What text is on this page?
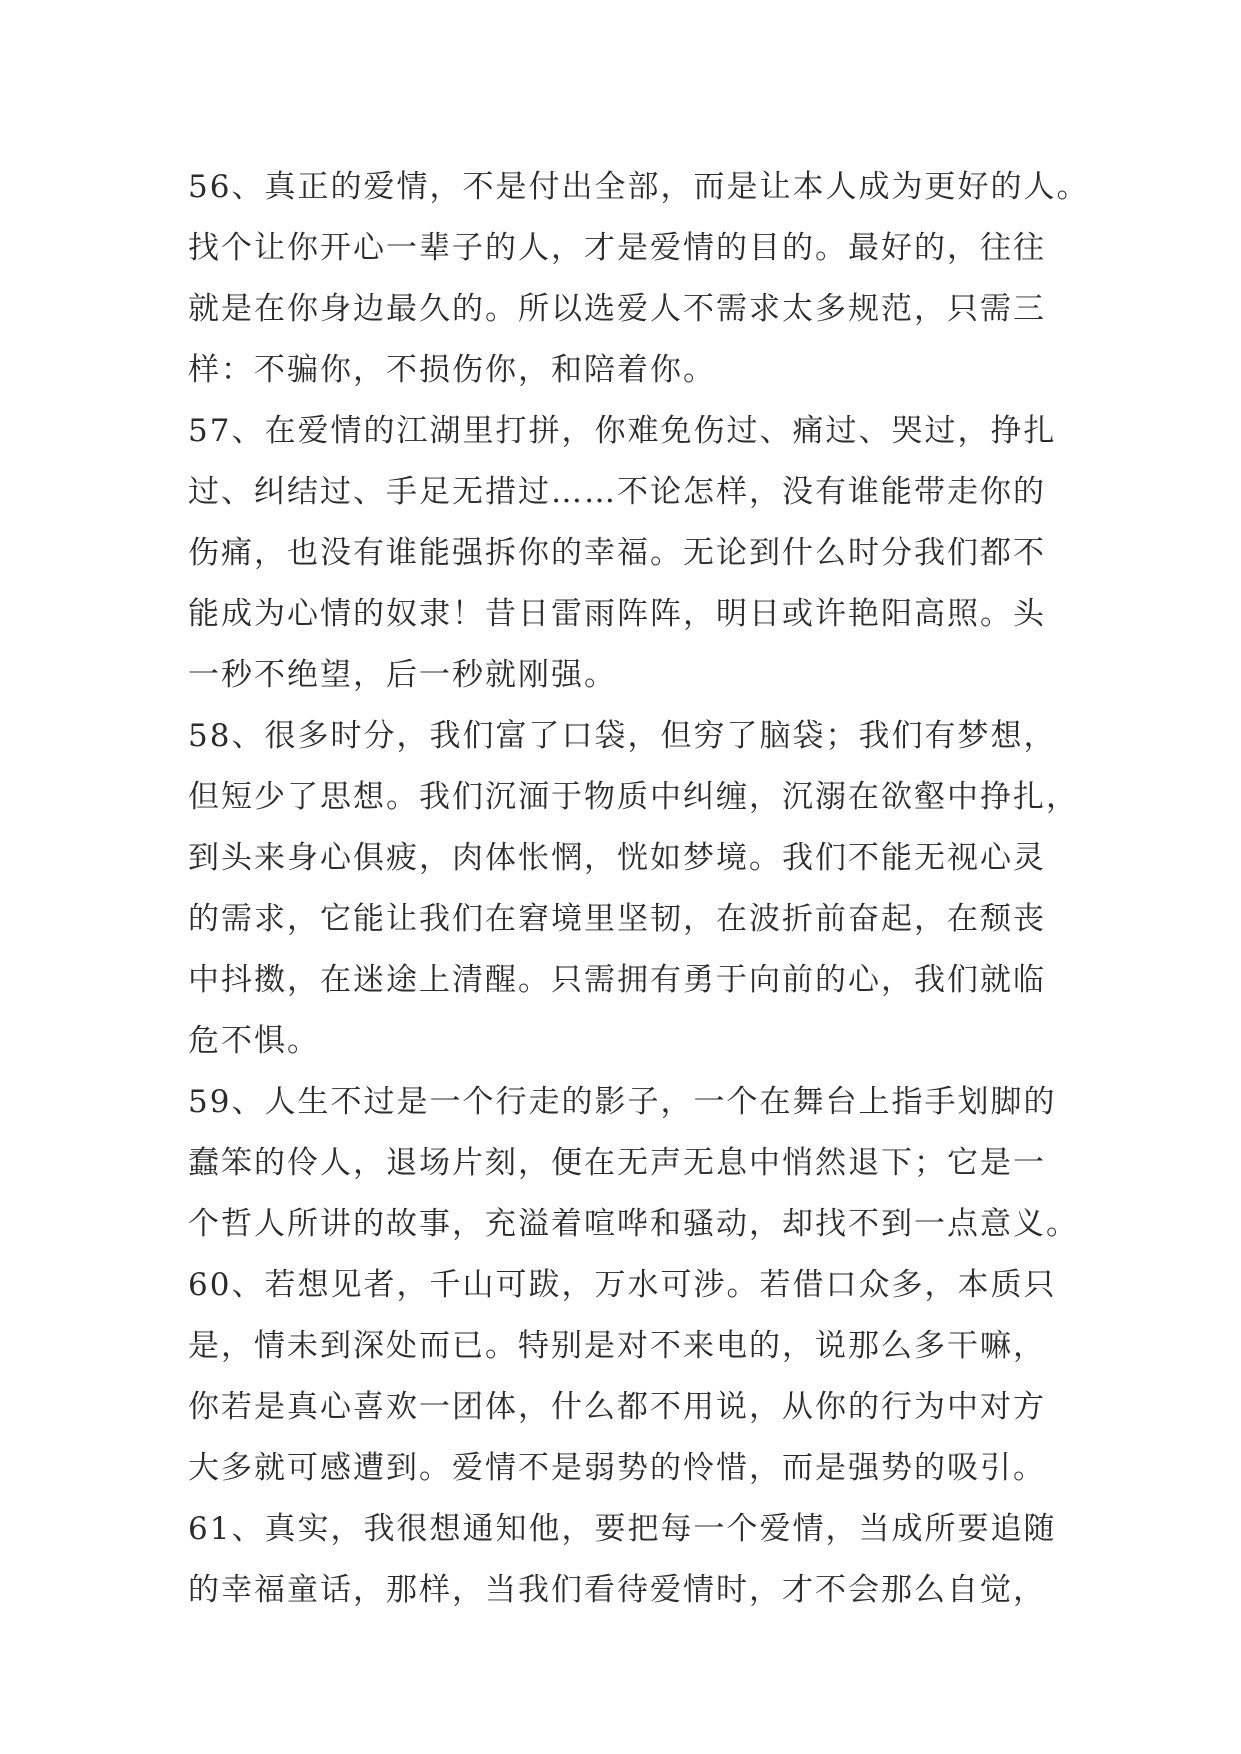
56、真正的爱情，不是付出全部，而是让本人成为更好的人。
找个让你开心一辈子的人，才是爱情的目的。最好的，往往
就是在你身边最久的。所以选爱人不需求太多规范，只需三
样：不骗你，不损伤你，和陪着你。
57、在爱情的江湖里打拼，你难免伤过、痛过、哭过，挣扎
过、纠结过、手足无措过……不论怎样，没有谁能带走你的
伤痛，也没有谁能强拆你的幸福。无论到什么时分我们都不
能成为心情的奴隶！昔日雷雨阵阵，明日或许艳阳高照。头
一秒不绝望，后一秒就刚强。
58、很多时分，我们富了口袋，但穷了脑袋；我们有梦想，
但短少了思想。我们沉湎于物质中纠缠，沉溺在欲壑中挣扎，
到头来身心俱疲，肉体怅惘，恍如梦境。我们不能无视心灵
的需求，它能让我们在窘境里坚韧，在波折前奋起，在颓丧
中抖擞，在迷途上清醒。只需拥有勇于向前的心，我们就临
危不惧。
59、人生不过是一个行走的影子，一个在舞台上指手划脚的
蠢笨的伶人，退场片刻，便在无声无息中悄然退下；它是一
个哲人所讲的故事，充溢着喧哗和骚动，却找不到一点意义。
60、若想见者，千山可跋，万水可涉。若借口众多，本质只
是，情未到深处而已。特别是对不来电的，说那么多干嘛，
你若是真心喜欢一团体，什么都不用说，从你的行为中对方
大多就可感遭到。爱情不是弱势的怜惜，而是强势的吸引。
61、真实，我很想通知他，要把每一个爱情，当成所要追随
的幸福童话，那样，当我们看待爱情时，才不会那么自觉，
